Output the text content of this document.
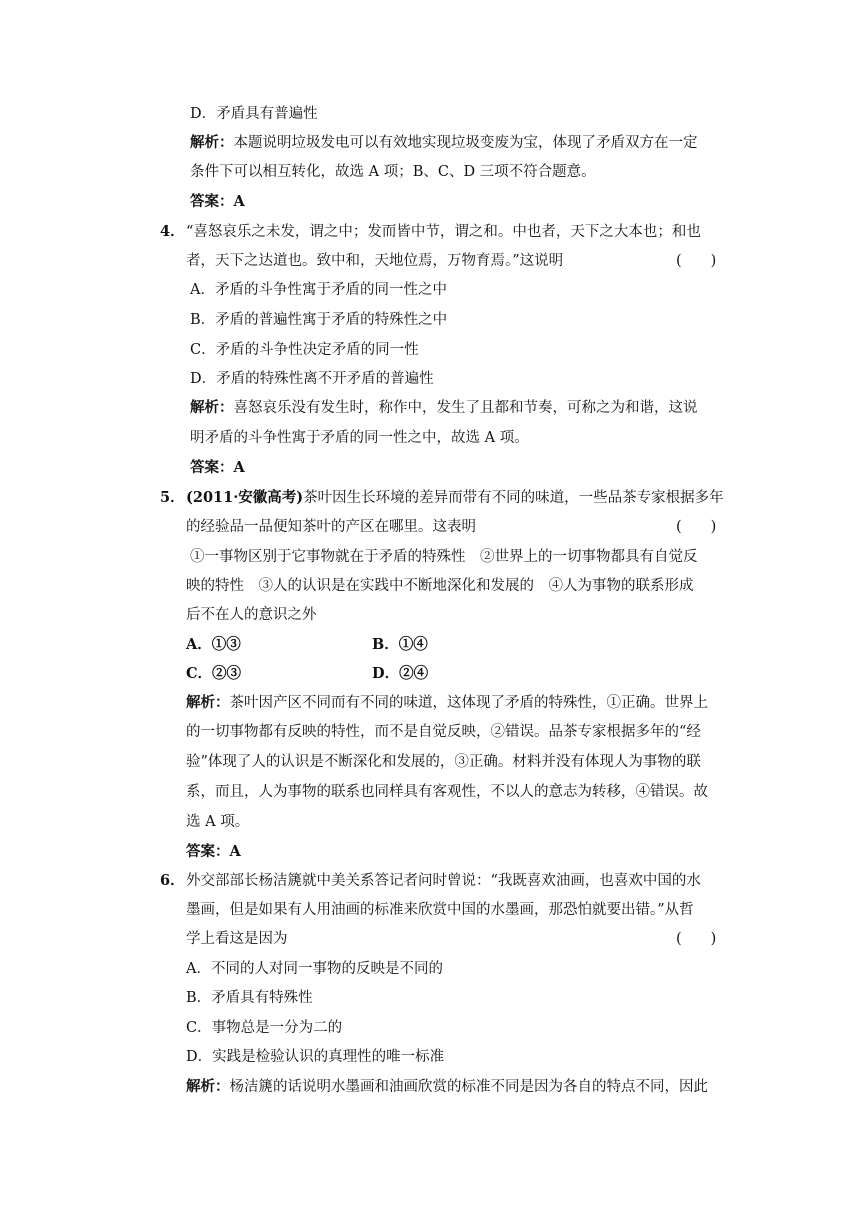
D．矛盾具有普遍性
解析：本题说明垃圾发电可以有效地实现垃圾变废为宝，体现了矛盾双方在一定
条件下可以相互转化，故选 A 项；B、C、D 三项不符合题意。
答案：A
4． “喜怒哀乐之未发，谓之中；发而皆中节，谓之和。中也者，天下之大本也；和也
者，天下之达道也。致中和，天地位焉，万物育焉。”这说明	(　　)
A．矛盾的斗争性寓于矛盾的同一性之中
B．矛盾的普遍性寓于矛盾的特殊性之中
C．矛盾的斗争性决定矛盾的同一性
D．矛盾的特殊性离不开矛盾的普遍性
解析：喜怒哀乐没有发生时，称作中，发生了且都和节奏，可称之为和谐，这说
明矛盾的斗争性寓于矛盾的同一性之中，故选 A 项。
答案：A
5． (2011·安徽高考)茶叶因生长环境的差异而带有不同的味道，一些品茶专家根据多年
的经验品一品便知茶叶的产区在哪里。这表明	(　　)
①一事物区别于它事物就在于矛盾的特殊性　②世界上的一切事物都具有自觉反
映的特性　③人的认识是在实践中不断地深化和发展的　④人为事物的联系形成
后不在人的意识之外
A．①③	B．①④
C．②③	D．②④
解析：茶叶因产区不同而有不同的味道，这体现了矛盾的特殊性，①正确。世界上
的一切事物都有反映的特性，而不是自觉反映，②错误。品茶专家根据多年的“经
验”体现了人的认识是不断深化和发展的，③正确。材料并没有体现人为事物的联
系，而且，人为事物的联系也同样具有客观性，不以人的意志为转移，④错误。故
选 A 项。
答案：A
6． 外交部部长杨洁篪就中美关系答记者问时曾说：“我既喜欢油画，也喜欢中国的水
墨画，但是如果有人用油画的标准来欣赏中国的水墨画，那恐怕就要出错。”从哲
学上看这是因为	(　　)
A．不同的人对同一事物的反映是不同的
B．矛盾具有特殊性
C．事物总是一分为二的
D．实践是检验认识的真理性的唯一标准
解析：杨洁篪的话说明水墨画和油画欣赏的标准不同是因为各自的特点不同，因此
